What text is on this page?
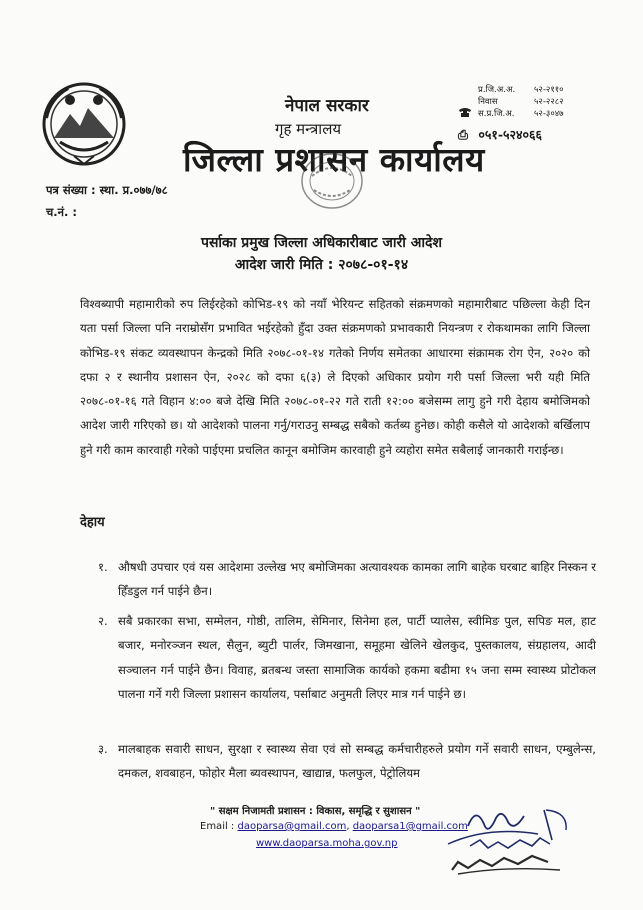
नेपाल सरकार
गृह मन्त्रालय
जिल्ला प्रशासन कार्यालय
प्र.जि.अ.अ.	५२-२११०
निवास	५२-२२८२
स.प्र.जि.अ.	५२-३०४७
⎙ ०५१-५२४०६६
पत्र संख्या : स्था. प्र.०७७/७८
च.नं. :
पर्साका प्रमुख जिल्ला अधिकारीबाट जारी आदेश
आदेश जारी मिति : २०७८-०१-१४
विश्वब्यापी महामारीको रुप लिईरहेको कोभिड-१९ को नयाँ भेरियन्ट सहितको संक्रमणको महामारीबाट पछिल्ला केही दिन यता पर्सा जिल्ला पनि नराम्रोसँग प्रभावित भईरहेको हुँदा उक्त संक्रमणको प्रभावकारी नियन्त्रण र रोकथामका लागि जिल्ला कोभिड-१९ संकट व्यवस्थापन केन्द्रको मिति २०७८-०१-१४ गतेको निर्णय समेतका आधारमा संक्रामक रोग ऐन, २०२० को दफा २ र स्थानीय प्रशासन ऐन, २०२८ को दफा ६(३) ले दिएको अधिकार प्रयोग गरी पर्सा जिल्ला भरी यही मिति २०७८-०१-१६ गते विहान ४:०० बजे देखि मिति २०७८-०१-२२ गते राती १२:०० बजेसम्म लागु हुने गरी देहाय बमोजिमको आदेश जारी गरिएको छ। यो आदेशको पालना गर्नु/गराउनु सम्बद्ध सबैको कर्तब्य हुनेछ। कोही कसैले यो आदेशको बर्खिलाप हुने गरी काम कारवाही गरेको पाईएमा प्रचलित कानून बमोजिम कारवाही हुने व्यहोरा समेत सबैलाई जानकारी गराईन्छ।
देहाय
१. औषधी उपचार एवं यस आदेशमा उल्लेख भए बमोजिमका अत्यावश्यक कामका लागि बाहेक घरबाट बाहिर निस्कन र हिँडडुल गर्न पाईने छैन।
२. सबै प्रकारका सभा, सम्मेलन, गोष्ठी, तालिम, सेमिनार, सिनेमा हल, पार्टी प्यालेस, स्वीमिङ पुल, सपिङ मल, हाट बजार, मनोरञ्जन स्थल, सैलुन, ब्युटी पार्लर, जिमखाना, समूहमा खेलिने खेलकुद, पुस्तकालय, संग्रहालय, आदी सञ्चालन गर्न पाईने छैन। विवाह, ब्रतबन्ध जस्ता सामाजिक कार्यको हकमा बढीमा १५ जना सम्म स्वास्थ्य प्रोटोकल पालना गर्ने गरी जिल्ला प्रशासन कार्यालय, पर्साबाट अनुमती लिएर मात्र गर्न पाईने छ।
३. मालबाहक सवारी साधन, सुरक्षा र स्वास्थ्य सेवा एवं सो सम्बद्ध कर्मचारीहरुले प्रयोग गर्ने सवारी साधन, एम्बुलेन्स, दमकल, शवबाहन, फोहोर मैला ब्यवस्थापन, खाद्यान्न, फलफुल, पेट्रोलियम
" सक्षम निजामती प्रशासन : विकास, समृद्धि र सुशासन "
Email : daoparsa@gmail.com, daoparsa1@gmail.com
www.daoparsa.moha.gov.np
